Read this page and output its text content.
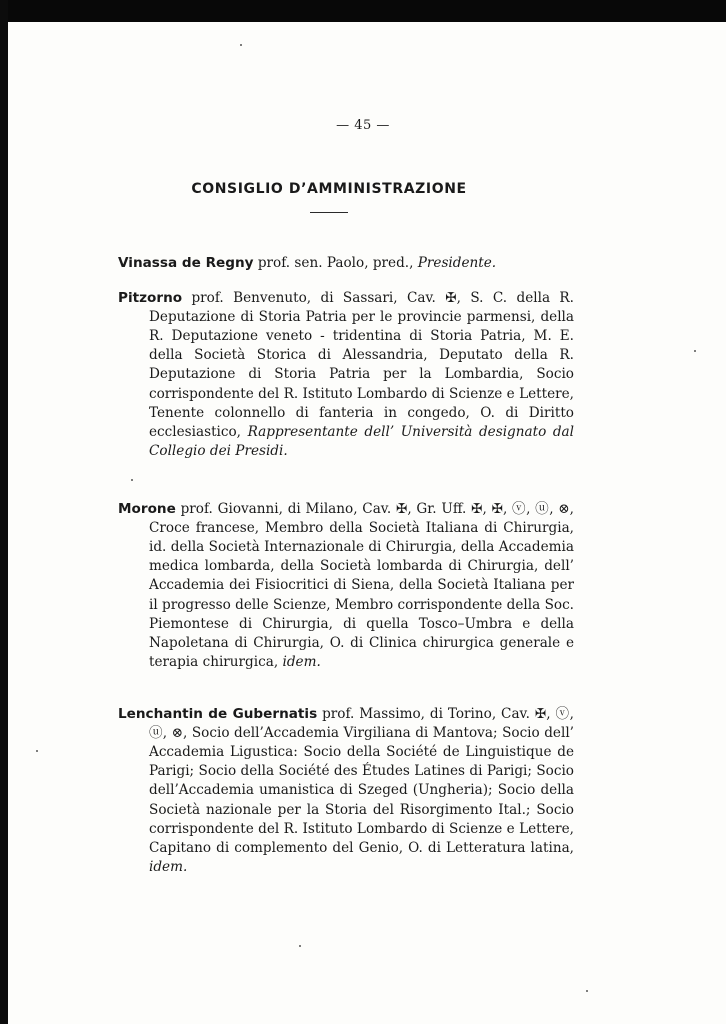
— 45 —
CONSIGLIO D’AMMINISTRAZIONE

Vinassa de Regny prof. sen. Paolo, pred., Presidente.

Pitzorno prof. Benvenuto, di Sassari, Cav. ✠, S. C. della R. Deputazione di Storia Patria per le provincie parmensi, della R. Deputazione veneto - tridentina di Storia Patria, M. E. della Società Storica di Alessandria, Deputato della R. Deputazione di Storia Patria per la Lombardia, Socio corrispondente del R. Istituto Lombardo di Scienze e Lettere, Tenente colonnello di fanteria in congedo, O. di Diritto ecclesiastico, Rappresentante dell’ Università designato dal Collegio dei Presidi.

Morone prof. Giovanni, di Milano, Cav. ✠, Gr. Uff. ✠, ✠, ⓥ, ⓤ, ⊗, Croce francese, Membro della Società Italiana di Chirurgia, id. della Società Internazionale di Chirurgia, della Accademia medica lombarda, della Società lombarda di Chirurgia, dell’ Accademia dei Fisiocritici di Siena, della Società Italiana per il progresso delle Scienze, Membro corrispondente della Soc. Piemontese di Chirurgia, di quella Tosco–Umbra e della Napoletana di Chirurgia, O. di Clinica chirurgica generale e terapia chirurgica, idem.

Lenchantin de Gubernatis prof. Massimo, di Torino, Cav. ✠, ⓥ, ⓤ, ⊗, Socio dell’Accademia Virgiliana di Mantova; Socio dell’ Accademia Ligustica: Socio della Société de Linguistique de Parigi; Socio della Société des Études Latines di Parigi; Socio dell’Accademia umanistica di Szeged (Ungheria); Socio della Società nazionale per la Storia del Risorgimento Ital.; Socio corrispondente del R. Istituto Lombardo di Scienze e Lettere, Capitano di complemento del Genio, O. di Letteratura latina, idem.
